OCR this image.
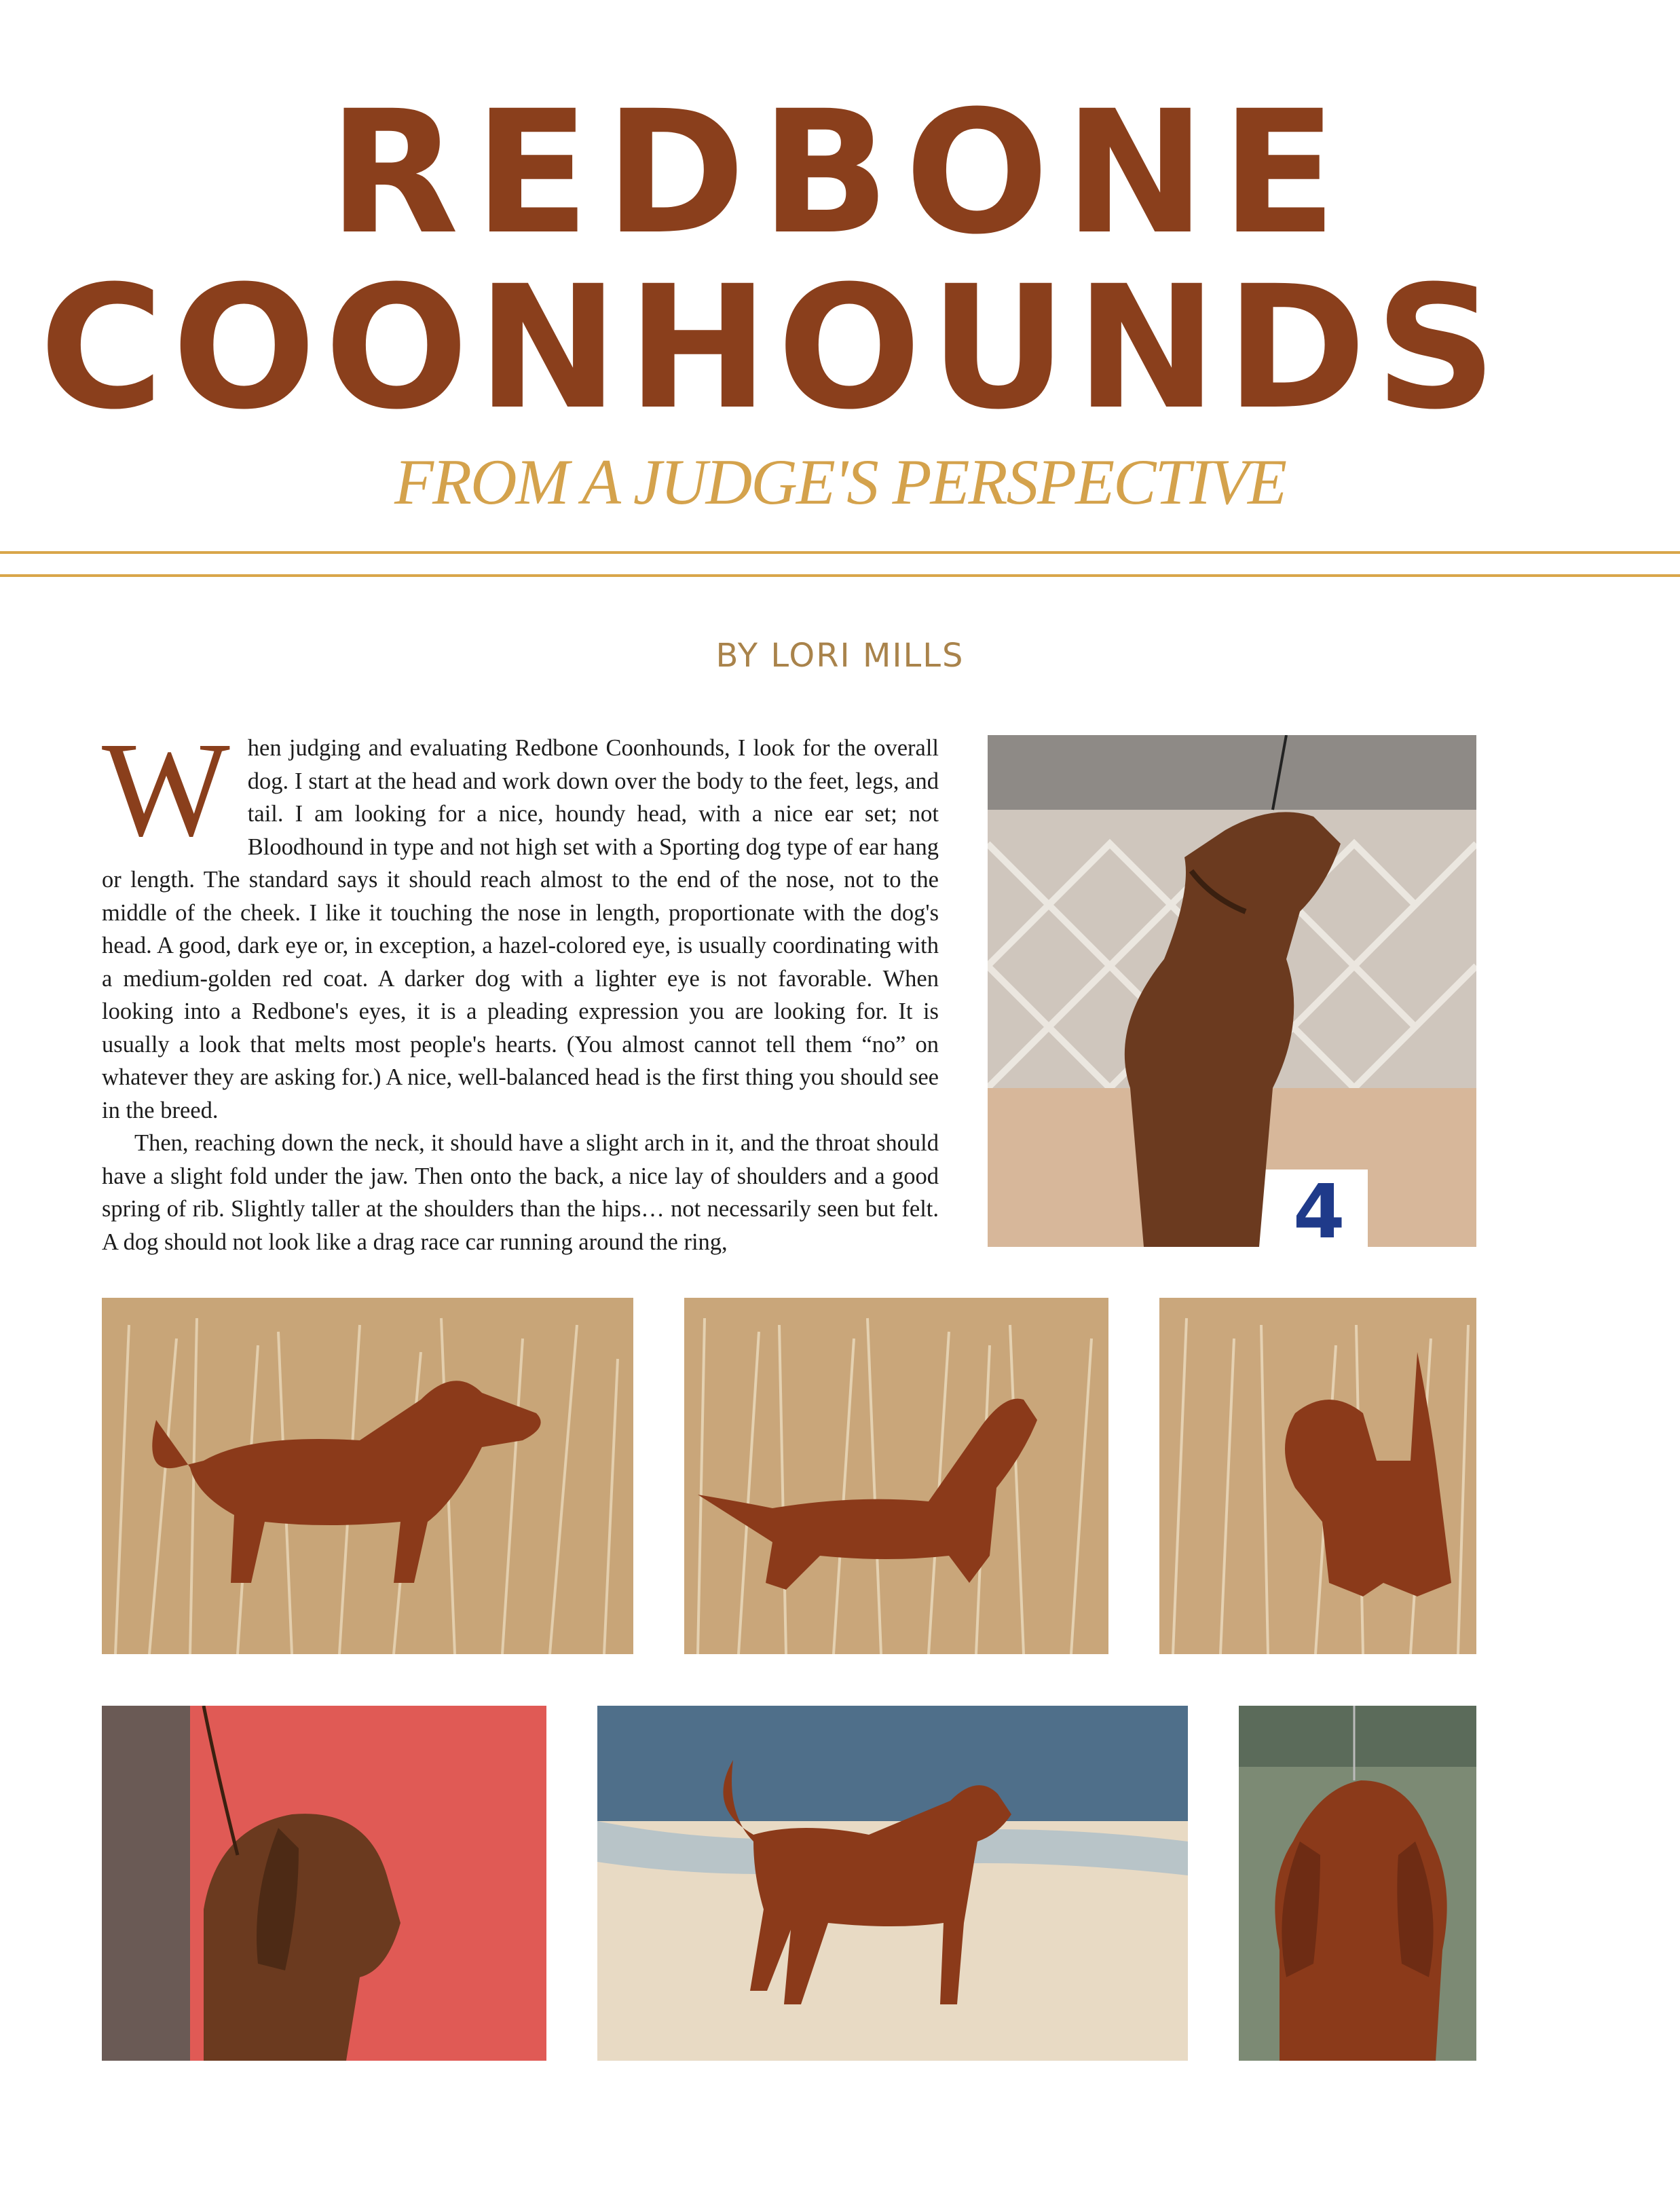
REDBONE
COONHOUNDS
FROM A JUDGE'S PERSPECTIVE
BY LORI MILLS

When judging and evaluating Redbone Coonhounds, I look for the overall dog. I start at the head and work down over the body to the feet, legs, and tail. I am looking for a nice, houndy head, with a nice ear set; not Bloodhound in type and not high set with a Sporting dog type of ear hang or length. The standard says it should reach almost to the end of the nose, not to the middle of the cheek. I like it touching the nose in length, proportionate with the dog's head. A good, dark eye or, in exception, a hazel-colored eye, is usually coordinating with a medium-golden red coat. A darker dog with a lighter eye is not favorable. When looking into a Redbone's eyes, it is a pleading expression you are looking for. It is usually a look that melts most people's hearts. (You almost cannot tell them “no” on whatever they are asking for.) A nice, well-balanced head is the first thing you should see in the breed.

Then, reaching down the neck, it should have a slight arch in it, and the throat should have a slight fold under the jaw. Then onto the back, a nice lay of shoulders and a good spring of rib. Slightly taller at the shoulders than the hips… not necessarily seen but felt. A dog should not look like a drag race car running around the ring,	4
